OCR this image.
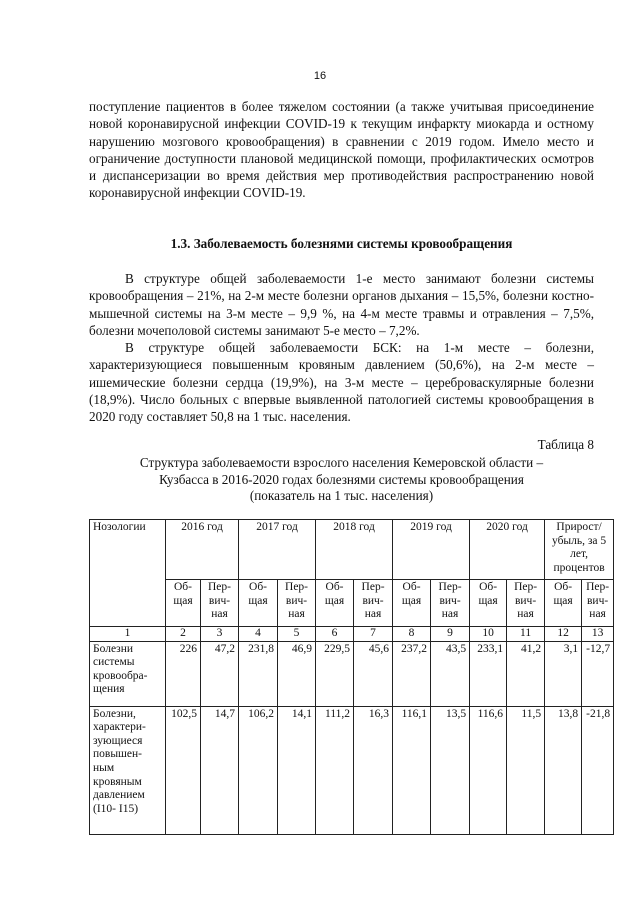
16

поступление пациентов в более тяжелом состоянии (а также учитывая присоединение новой коронавирусной инфекции COVID-19 к текущим инфаркту миокарда и остному нарушению мозгового кровообращения) в сравнении с 2019 годом. Имело место и ограничение доступности плановой медицинской помощи, профилактических осмотров и диспансеризации во время действия мер противодействия распространению новой коронавирусной инфекции COVID-19.

1.3. Заболеваемость болезнями системы кровообращения

В структуре общей заболеваемости 1-е место занимают болезни системы кровообращения – 21%, на 2-м месте болезни органов дыхания – 15,5%, болезни костно-мышечной системы на 3-м месте – 9,9 %, на 4-м месте травмы и отравления – 7,5%, болезни мочеполовой системы занимают 5-е место – 7,2%.

В структуре общей заболеваемости БСК: на 1-м месте – болезни, характеризующиеся повышенным кровяным давлением (50,6%), на 2-м месте – ишемические болезни сердца (19,9%), на 3-м месте – цереброваскулярные болезни (18,9%). Число больных с впервые выявленной патологией системы кровообращения в 2020 году составляет 50,8 на 1 тыс. населения.

Таблица 8
Структура заболеваемости взрослого населения Кемеровской области –
Кузбасса в 2016-2020 годах болезнями системы кровообращения
(показатель на 1 тыс. населения)
Нозологии	2016 год		2017 год		2018 год		2019 год		2020 год		Прирост/ убыль, за 5 лет, процентов	
	Об-щая	Пер-вич-ная	Об-щая	Пер-вич-ная	Об-щая	Пер-вич-ная	Об-щая	Пер-вич-ная	Об-щая	Пер-вич-ная	Об-щая	Пер-вич-ная
1	2	3	4	5	6	7	8	9	10	11	12	13
Болезни системы кровообра-щения	226	47,2	231,8	46,9	229,5	45,6	237,2	43,5	233,1	41,2	3,1	-12,7
Болезни, характери-зующиеся повышен-ным кровяным давлением (I10- I15)	102,5	14,7	106,2	14,1	111,2	16,3	116,1	13,5	116,6	11,5	13,8	-21,8
